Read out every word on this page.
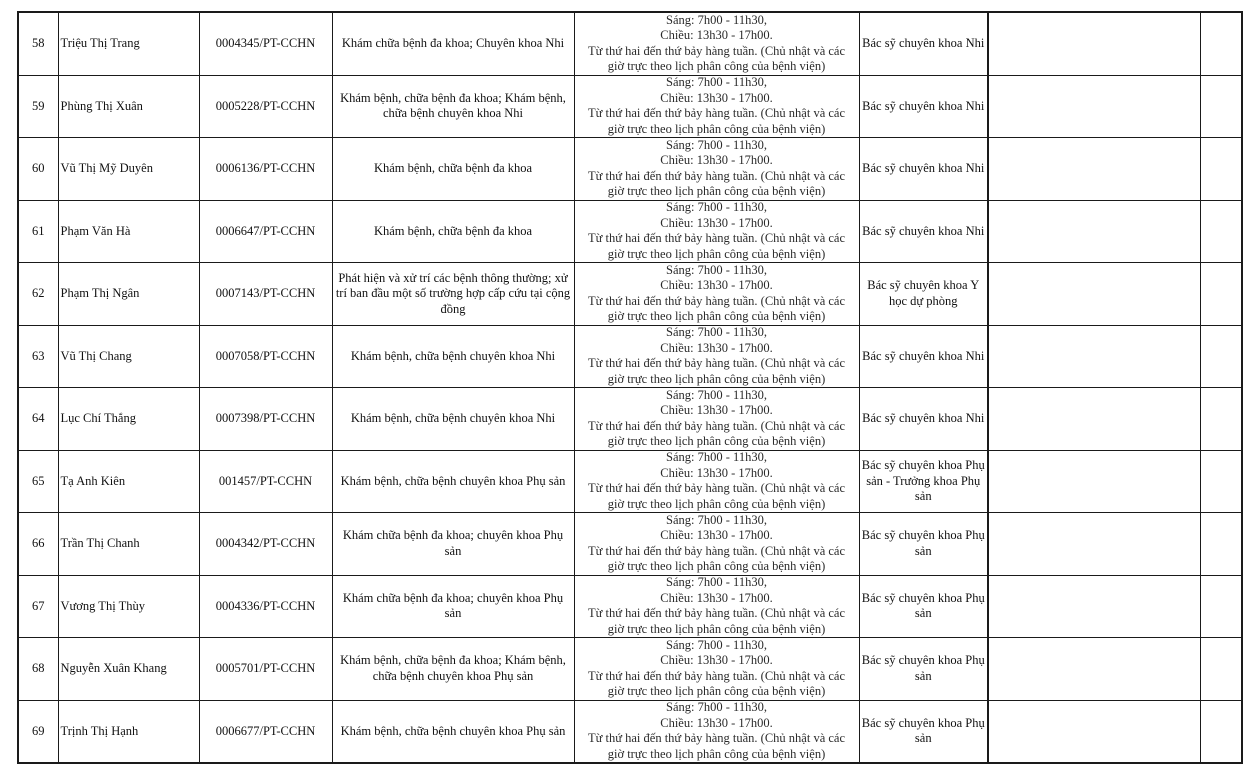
58	Triệu Thị Trang	0004345/PT-CCHN	Khám chữa bệnh đa khoa; Chuyên khoa Nhi	Sáng: 7h00 - 11h30,
Chiều: 13h30 - 17h00.
Từ thứ hai đến thứ bảy hàng tuần. (Chủ nhật và các
giờ trực theo lịch phân công của bệnh viện)	Bác sỹ chuyên khoa Nhi		
59	Phùng Thị Xuân	0005228/PT-CCHN	Khám bệnh, chữa bệnh đa khoa; Khám bệnh, chữa bệnh chuyên khoa Nhi	Sáng: 7h00 - 11h30,
Chiều: 13h30 - 17h00.
Từ thứ hai đến thứ bảy hàng tuần. (Chủ nhật và các
giờ trực theo lịch phân công của bệnh viện)	Bác sỹ chuyên khoa Nhi		
60	Vũ Thị Mỹ Duyên	0006136/PT-CCHN	Khám bệnh, chữa bệnh đa khoa	Sáng: 7h00 - 11h30,
Chiều: 13h30 - 17h00.
Từ thứ hai đến thứ bảy hàng tuần. (Chủ nhật và các
giờ trực theo lịch phân công của bệnh viện)	Bác sỹ chuyên khoa Nhi		
61	Phạm Văn Hà	0006647/PT-CCHN	Khám bệnh, chữa bệnh đa khoa	Sáng: 7h00 - 11h30,
Chiều: 13h30 - 17h00.
Từ thứ hai đến thứ bảy hàng tuần. (Chủ nhật và các
giờ trực theo lịch phân công của bệnh viện)	Bác sỹ chuyên khoa Nhi		
62	Phạm Thị Ngân	0007143/PT-CCHN	Phát hiện và xử trí các bệnh thông thường; xử trí ban đầu một số trường hợp cấp cứu tại cộng đồng	Sáng: 7h00 - 11h30,
Chiều: 13h30 - 17h00.
Từ thứ hai đến thứ bảy hàng tuần. (Chủ nhật và các
giờ trực theo lịch phân công của bệnh viện)	Bác sỹ chuyên khoa Y học dự phòng		
63	Vũ Thị Chang	0007058/PT-CCHN	Khám bệnh, chữa bệnh chuyên khoa Nhi	Sáng: 7h00 - 11h30,
Chiều: 13h30 - 17h00.
Từ thứ hai đến thứ bảy hàng tuần. (Chủ nhật và các
giờ trực theo lịch phân công của bệnh viện)	Bác sỹ chuyên khoa Nhi		
64	Lục Chí Thắng	0007398/PT-CCHN	Khám bệnh, chữa bệnh chuyên khoa Nhi	Sáng: 7h00 - 11h30,
Chiều: 13h30 - 17h00.
Từ thứ hai đến thứ bảy hàng tuần. (Chủ nhật và các
giờ trực theo lịch phân công của bệnh viện)	Bác sỹ chuyên khoa Nhi		
65	Tạ Anh Kiên	001457/PT-CCHN	Khám bệnh, chữa bệnh chuyên khoa Phụ sản	Sáng: 7h00 - 11h30,
Chiều: 13h30 - 17h00.
Từ thứ hai đến thứ bảy hàng tuần. (Chủ nhật và các
giờ trực theo lịch phân công của bệnh viện)	Bác sỹ chuyên khoa Phụ sản - Trưởng khoa Phụ sản		
66	Trần Thị Chanh	0004342/PT-CCHN	Khám chữa bệnh đa khoa; chuyên khoa Phụ sản	Sáng: 7h00 - 11h30,
Chiều: 13h30 - 17h00.
Từ thứ hai đến thứ bảy hàng tuần. (Chủ nhật và các
giờ trực theo lịch phân công của bệnh viện)	Bác sỹ chuyên khoa Phụ sản		
67	Vương Thị Thùy	0004336/PT-CCHN	Khám chữa bệnh đa khoa; chuyên khoa Phụ sản	Sáng: 7h00 - 11h30,
Chiều: 13h30 - 17h00.
Từ thứ hai đến thứ bảy hàng tuần. (Chủ nhật và các
giờ trực theo lịch phân công của bệnh viện)	Bác sỹ chuyên khoa Phụ sản		
68	Nguyễn Xuân Khang	0005701/PT-CCHN	Khám bệnh, chữa bệnh đa khoa; Khám bệnh, chữa bệnh chuyên khoa Phụ sản	Sáng: 7h00 - 11h30,
Chiều: 13h30 - 17h00.
Từ thứ hai đến thứ bảy hàng tuần. (Chủ nhật và các
giờ trực theo lịch phân công của bệnh viện)	Bác sỹ chuyên khoa Phụ sản		
69	Trịnh Thị Hạnh	0006677/PT-CCHN	Khám bệnh, chữa bệnh chuyên khoa Phụ sản	Sáng: 7h00 - 11h30,
Chiều: 13h30 - 17h00.
Từ thứ hai đến thứ bảy hàng tuần. (Chủ nhật và các
giờ trực theo lịch phân công của bệnh viện)	Bác sỹ chuyên khoa Phụ sản		
